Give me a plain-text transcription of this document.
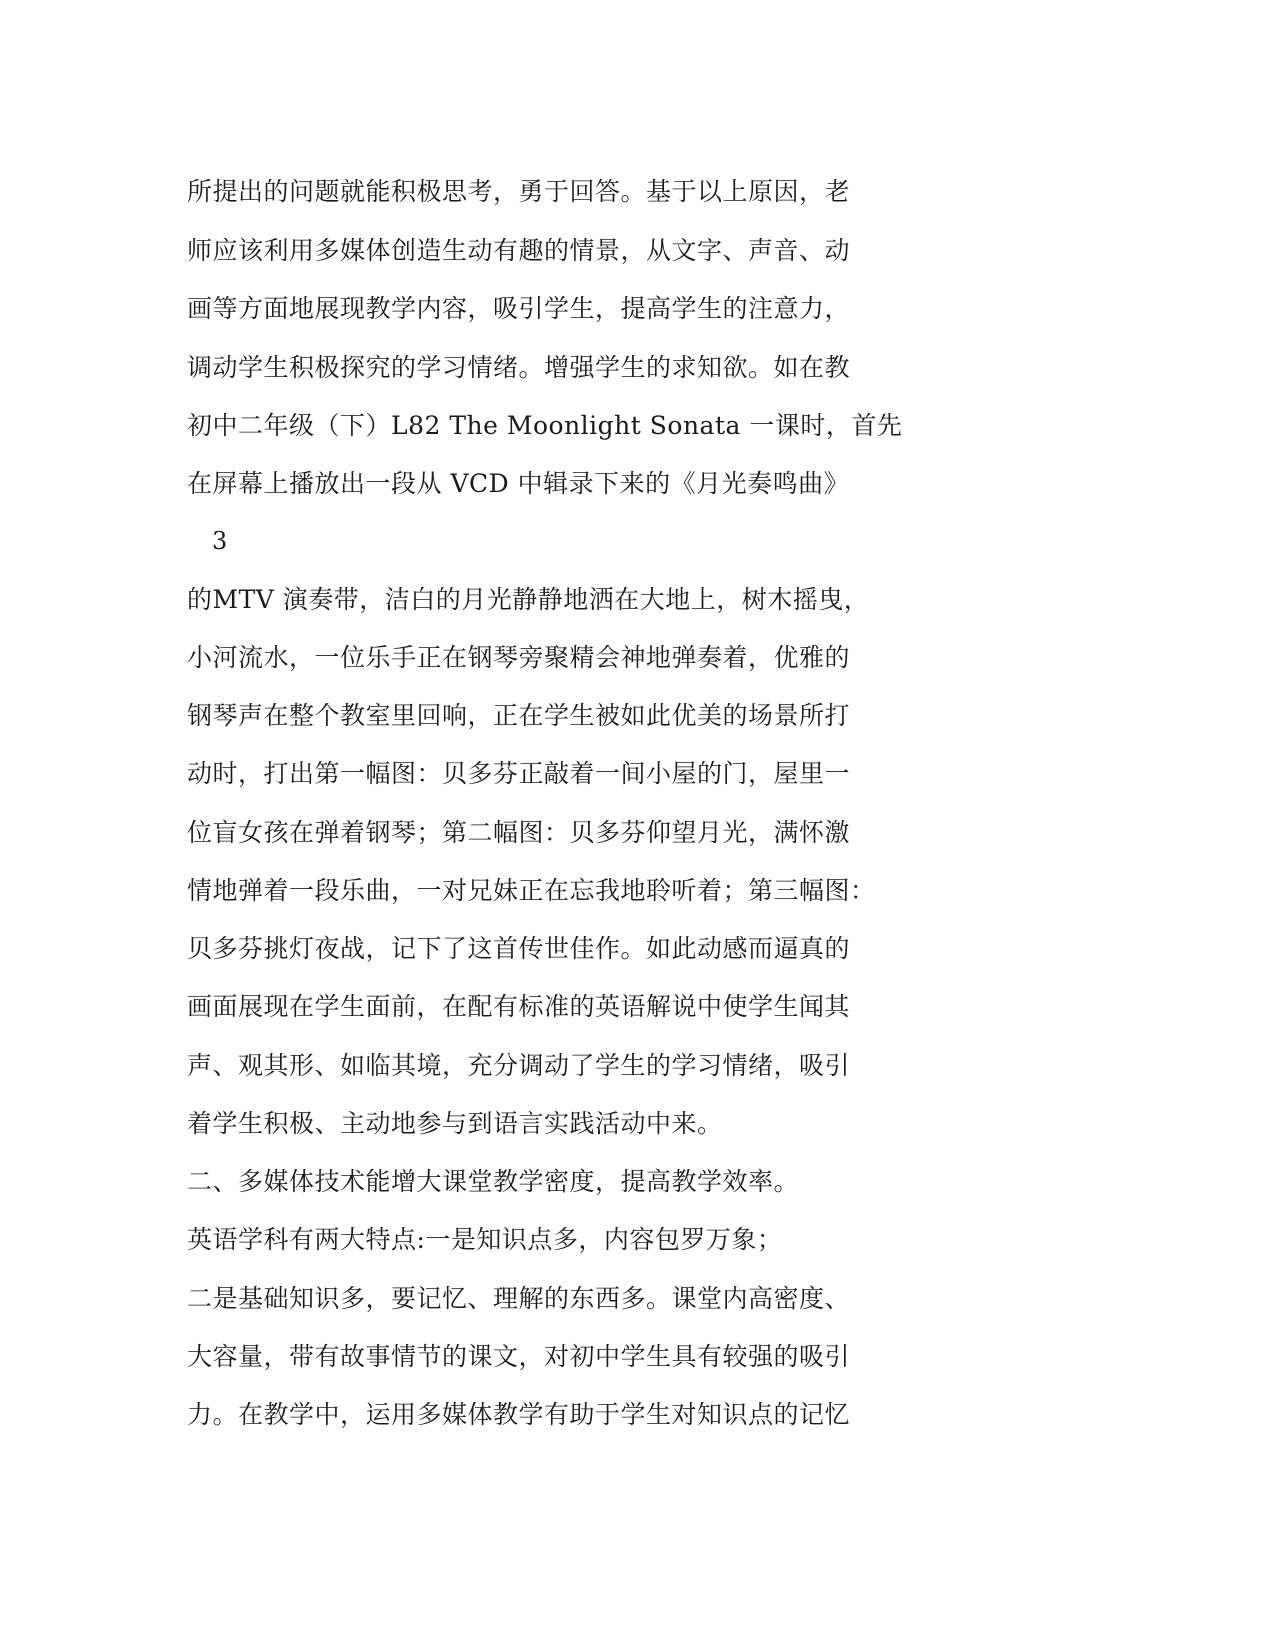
所提出的问题就能积极思考，勇于回答。基于以上原因，老
师应该利用多媒体创造生动有趣的情景，从文字、声音、动
画等方面地展现教学内容，吸引学生，提高学生的注意力，
调动学生积极探究的学习情绪。增强学生的求知欲。如在教
初中二年级（下）L82 The Moonlight Sonata 一课时，首先
在屏幕上播放出一段从 VCD 中辑录下来的《月光奏鸣曲》
3
的MTV 演奏带，洁白的月光静静地洒在大地上，树木摇曳，
小河流水，一位乐手正在钢琴旁聚精会神地弹奏着，优雅的
钢琴声在整个教室里回响，正在学生被如此优美的场景所打
动时，打出第一幅图：贝多芬正敲着一间小屋的门，屋里一
位盲女孩在弹着钢琴；第二幅图：贝多芬仰望月光，满怀激
情地弹着一段乐曲，一对兄妹正在忘我地聆听着；第三幅图：
贝多芬挑灯夜战，记下了这首传世佳作。如此动感而逼真的
画面展现在学生面前，在配有标准的英语解说中使学生闻其
声、观其形、如临其境，充分调动了学生的学习情绪，吸引
着学生积极、主动地参与到语言实践活动中来。
二、多媒体技术能增大课堂教学密度，提高教学效率。
英语学科有两大特点:一是知识点多，内容包罗万象；
二是基础知识多，要记忆、理解的东西多。课堂内高密度、
大容量，带有故事情节的课文，对初中学生具有较强的吸引
力。在教学中，运用多媒体教学有助于学生对知识点的记忆
